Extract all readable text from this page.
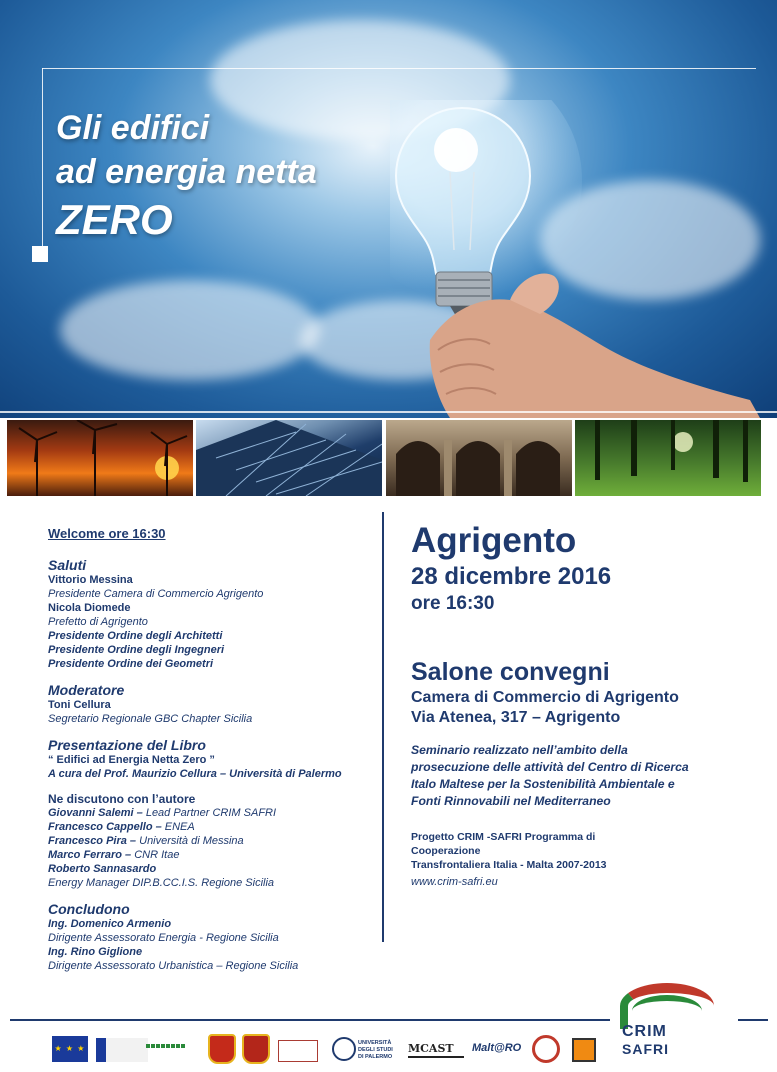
Gli edifici
ad energia netta
ZERO
Welcome ore 16:30
Saluti
Vittorio Messina
Presidente Camera di Commercio Agrigento
Nicola Diomede
Prefetto di Agrigento
Presidente Ordine degli Architetti
Presidente Ordine degli Ingegneri
Presidente Ordine dei Geometri
Moderatore
Toni Cellura
Segretario Regionale GBC Chapter Sicilia
Presentazione del Libro
“ Edifici ad Energia Netta Zero ”
A cura del Prof. Maurizio Cellura – Università di Palermo
Ne discutono con l’autore
Giovanni Salemi – Lead Partner CRIM SAFRI
Francesco Cappello – ENEA
Francesco Pira – Università di Messina
Marco Ferraro – CNR Itae
Roberto Sannasardo
Energy Manager DIP.B.CC.I.S. Regione Sicilia
Concludono
Ing. Domenico Armenio
Dirigente Assessorato Energia - Regione Sicilia
Ing. Rino Giglione
Dirigente Assessorato Urbanistica – Regione Sicilia
Agrigento
28 dicembre 2016
ore 16:30
Salone convegni
Camera di Commercio di Agrigento
Via Atenea, 317 – Agrigento
Seminario realizzato nell’ambito della
prosecuzione delle attività del Centro di Ricerca
Italo Maltese per la Sostenibilità Ambientale e
Fonti Rinnovabili nel Mediterraneo
Progetto CRIM -SAFRI Programma di
Cooperazione
Transfrontaliera Italia - Malta 2007-2013
www.crim-safri.eu
★ ★ ★
UNIVERSITÀ
DEGLI STUDI
DI PALERMO
MCAST	Malt@RO
CRIM
SAFRI
